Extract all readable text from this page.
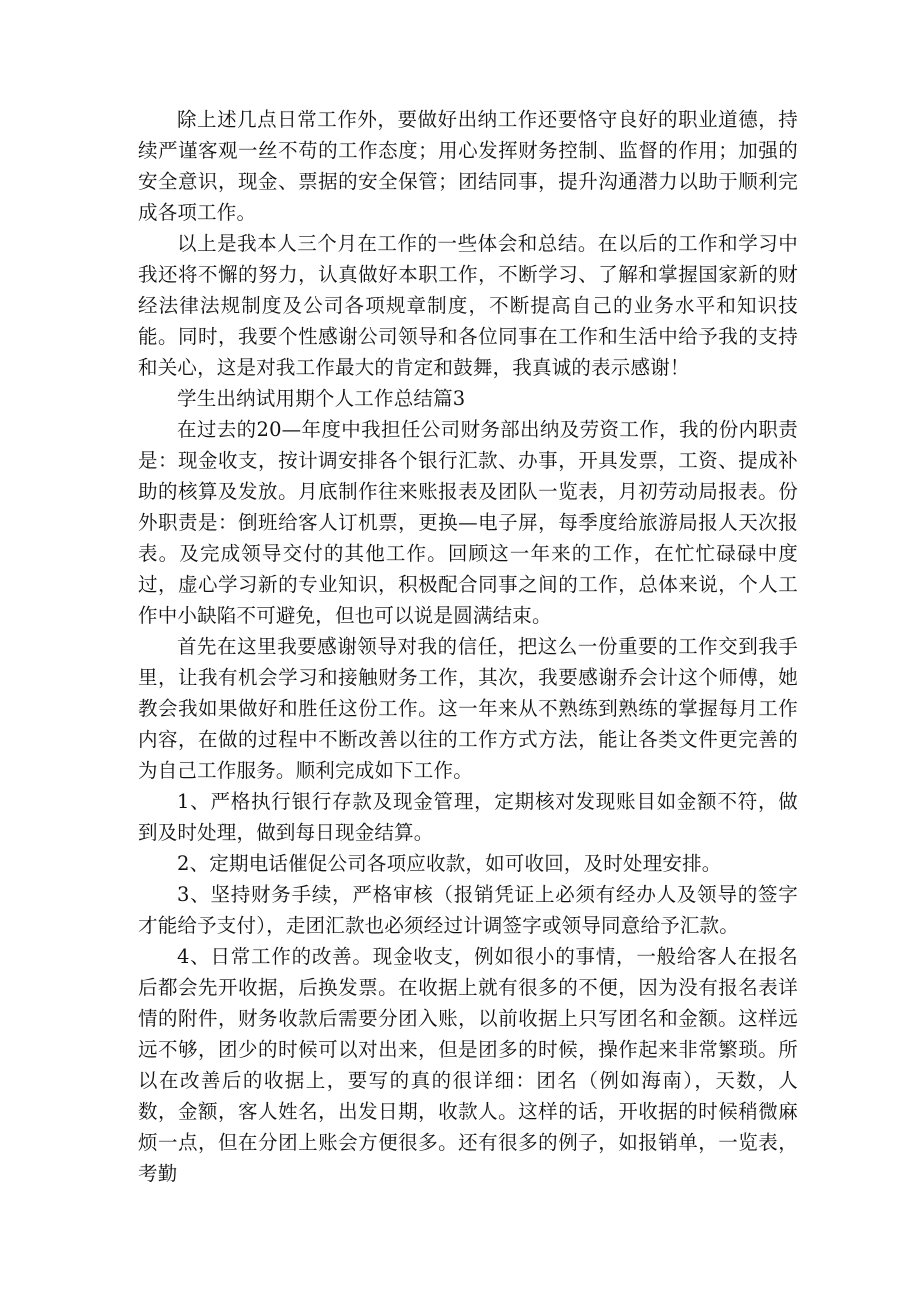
除上述几点日常工作外，要做好出纳工作还要恪守良好的职业道德，持续严谨客观一丝不苟的工作态度；用心发挥财务控制、监督的作用；加强的安全意识，现金、票据的安全保管；团结同事，提升沟通潜力以助于顺利完成各项工作。

以上是我本人三个月在工作的一些体会和总结。在以后的工作和学习中我还将不懈的努力，认真做好本职工作，不断学习、了解和掌握国家新的财经法律法规制度及公司各项规章制度，不断提高自己的业务水平和知识技能。同时，我要个性感谢公司领导和各位同事在工作和生活中给予我的支持和关心，这是对我工作最大的肯定和鼓舞，我真诚的表示感谢！

学生出纳试用期个人工作总结篇3

在过去的20—年度中我担任公司财务部出纳及劳资工作，我的份内职责是：现金收支，按计调安排各个银行汇款、办事，开具发票，工资、提成补助的核算及发放。月底制作往来账报表及团队一览表，月初劳动局报表。份外职责是：倒班给客人订机票，更换—电子屏，每季度给旅游局报人天次报表。及完成领导交付的其他工作。回顾这一年来的工作，在忙忙碌碌中度过，虚心学习新的专业知识，积极配合同事之间的工作，总体来说，个人工作中小缺陷不可避免，但也可以说是圆满结束。

首先在这里我要感谢领导对我的信任，把这么一份重要的工作交到我手里，让我有机会学习和接触财务工作，其次，我要感谢乔会计这个师傅，她教会我如果做好和胜任这份工作。这一年来从不熟练到熟练的掌握每月工作内容，在做的过程中不断改善以往的工作方式方法，能让各类文件更完善的为自己工作服务。顺利完成如下工作。

1、严格执行银行存款及现金管理，定期核对发现账目如金额不符，做到及时处理，做到每日现金结算。

2、定期电话催促公司各项应收款，如可收回，及时处理安排。

3、坚持财务手续，严格审核（报销凭证上必须有经办人及领导的签字才能给予支付），走团汇款也必须经过计调签字或领导同意给予汇款。

4、日常工作的改善。现金收支，例如很小的事情，一般给客人在报名后都会先开收据，后换发票。在收据上就有很多的不便，因为没有报名表详情的附件，财务收款后需要分团入账，以前收据上只写团名和金额。这样远远不够，团少的时候可以对出来，但是团多的时候，操作起来非常繁琐。所以在改善后的收据上，要写的真的很详细：团名（例如海南），天数，人数，金额，客人姓名，出发日期，收款人。这样的话，开收据的时候稍微麻烦一点，但在分团上账会方便很多。还有很多的例子，如报销单，一览表，考勤
